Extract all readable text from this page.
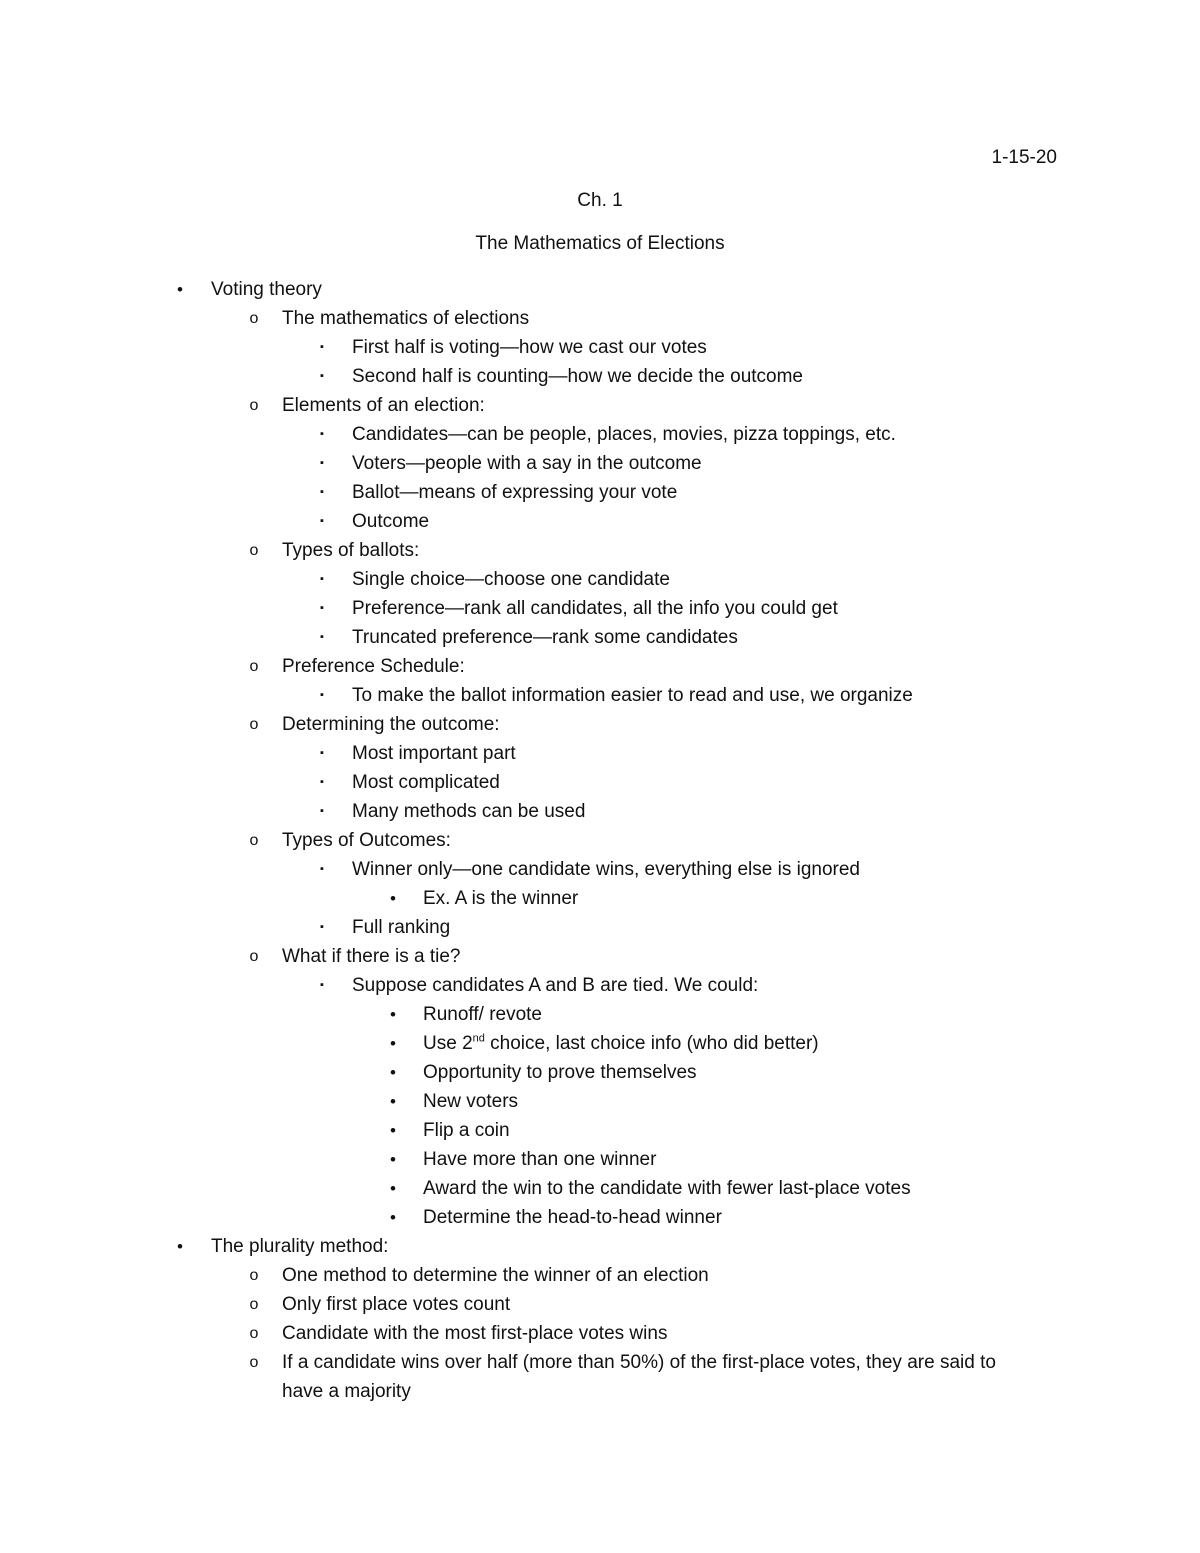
1-15-20
Ch. 1
The Mathematics of Elections
• Voting theory
o The mathematics of elections
▪	First half is voting—how we cast our votes
▪	Second half is counting—how we decide the outcome
o Elements of an election:
▪	Candidates—can be people, places, movies, pizza toppings, etc.
▪	Voters—people with a say in the outcome
▪	Ballot—means of expressing your vote
▪	Outcome
o Types of ballots:
▪	Single choice—choose one candidate
▪	Preference—rank all candidates, all the info you could get
▪	Truncated preference—rank some candidates
o Preference Schedule:
▪	To make the ballot information easier to read and use, we organize
o Determining the outcome:
▪	Most important part
▪	Most complicated
▪	Many methods can be used
o Types of Outcomes:
▪	Winner only—one candidate wins, everything else is ignored
• Ex. A is the winner
▪	Full ranking
o What if there is a tie?
▪	Suppose candidates A and B are tied. We could:
• Runoff/ revote
• Use 2nd choice, last choice info (who did better)
• Opportunity to prove themselves
• New voters
• Flip a coin
• Have more than one winner
• Award the win to the candidate with fewer last-place votes
• Determine the head-to-head winner
• The plurality method:
o One method to determine the winner of an election
o Only first place votes count
o Candidate with the most first-place votes wins
o If a candidate wins over half (more than 50%) of the first-place votes, they are said to have a majority
